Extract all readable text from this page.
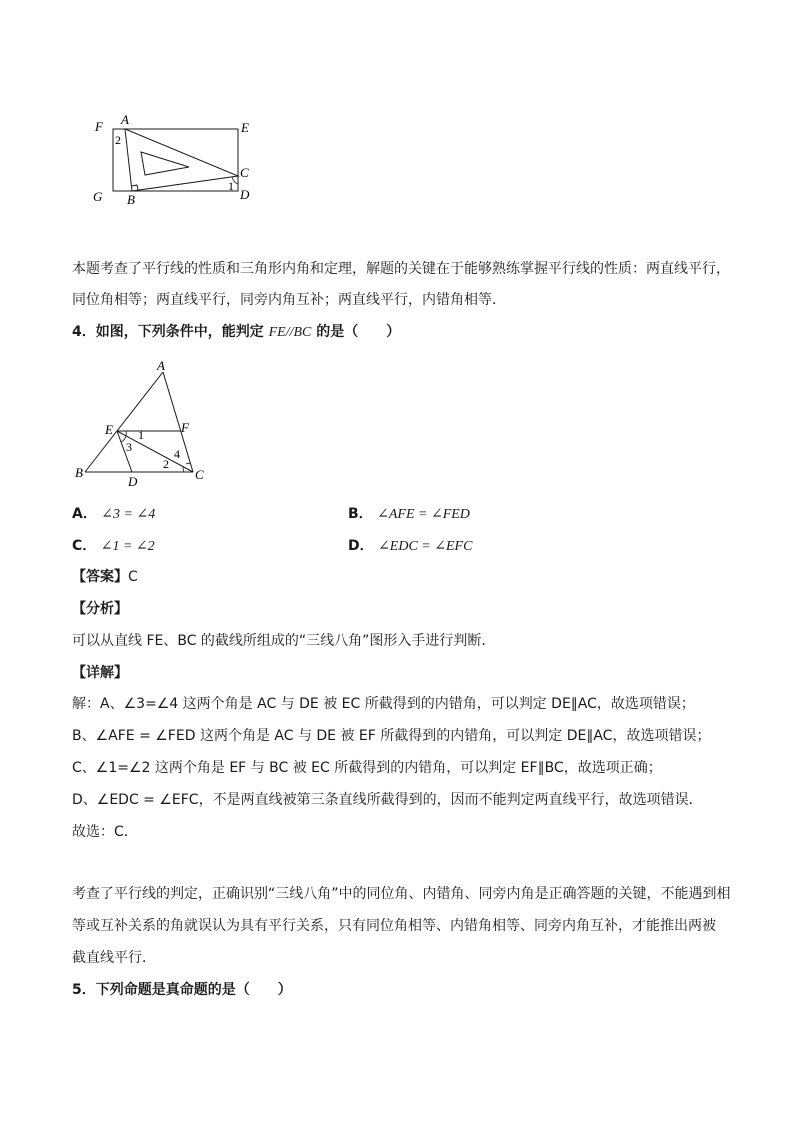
F A
E
2
C
1
G B	D
本题考查了平行线的性质和三角形内角和定理，解题的关键在于能够熟练掌握平行线的性质：两直线平行，
同位角相等；两直线平行，同旁内角互补；两直线平行，内错角相等．
4．如图，下列条件中，能判定 FE//BC 的是（　　）
A
E	F
1
3	4
2
B
D	C
A． ∠3 = ∠4	B． ∠AFE = ∠FED
C． ∠1 = ∠2	D． ∠EDC = ∠EFC
【答案】C
【分析】
可以从直线 FE、BC 的截线所组成的“三线八角”图形入手进行判断．
【详解】
解：A、∠3=∠4 这两个角是 AC 与 DE 被 EC 所截得到的内错角，可以判定 DE∥AC，故选项错误；
B、∠AFE = ∠FED 这两个角是 AC 与 DE 被 EF 所截得到的内错角，可以判定 DE∥AC，故选项错误；
C、∠1=∠2 这两个角是 EF 与 BC 被 EC 所截得到的内错角，可以判定 EF∥BC，故选项正确；
D、∠EDC = ∠EFC，不是两直线被第三条直线所截得到的，因而不能判定两直线平行，故选项错误．
故选：C．
考查了平行线的判定，正确识别“三线八角”中的同位角、内错角、同旁内角是正确答题的关键，不能遇到相
等或互补关系的角就误认为具有平行关系，只有同位角相等、内错角相等、同旁内角互补，才能推出两被
截直线平行．
5．下列命题是真命题的是（　　）
